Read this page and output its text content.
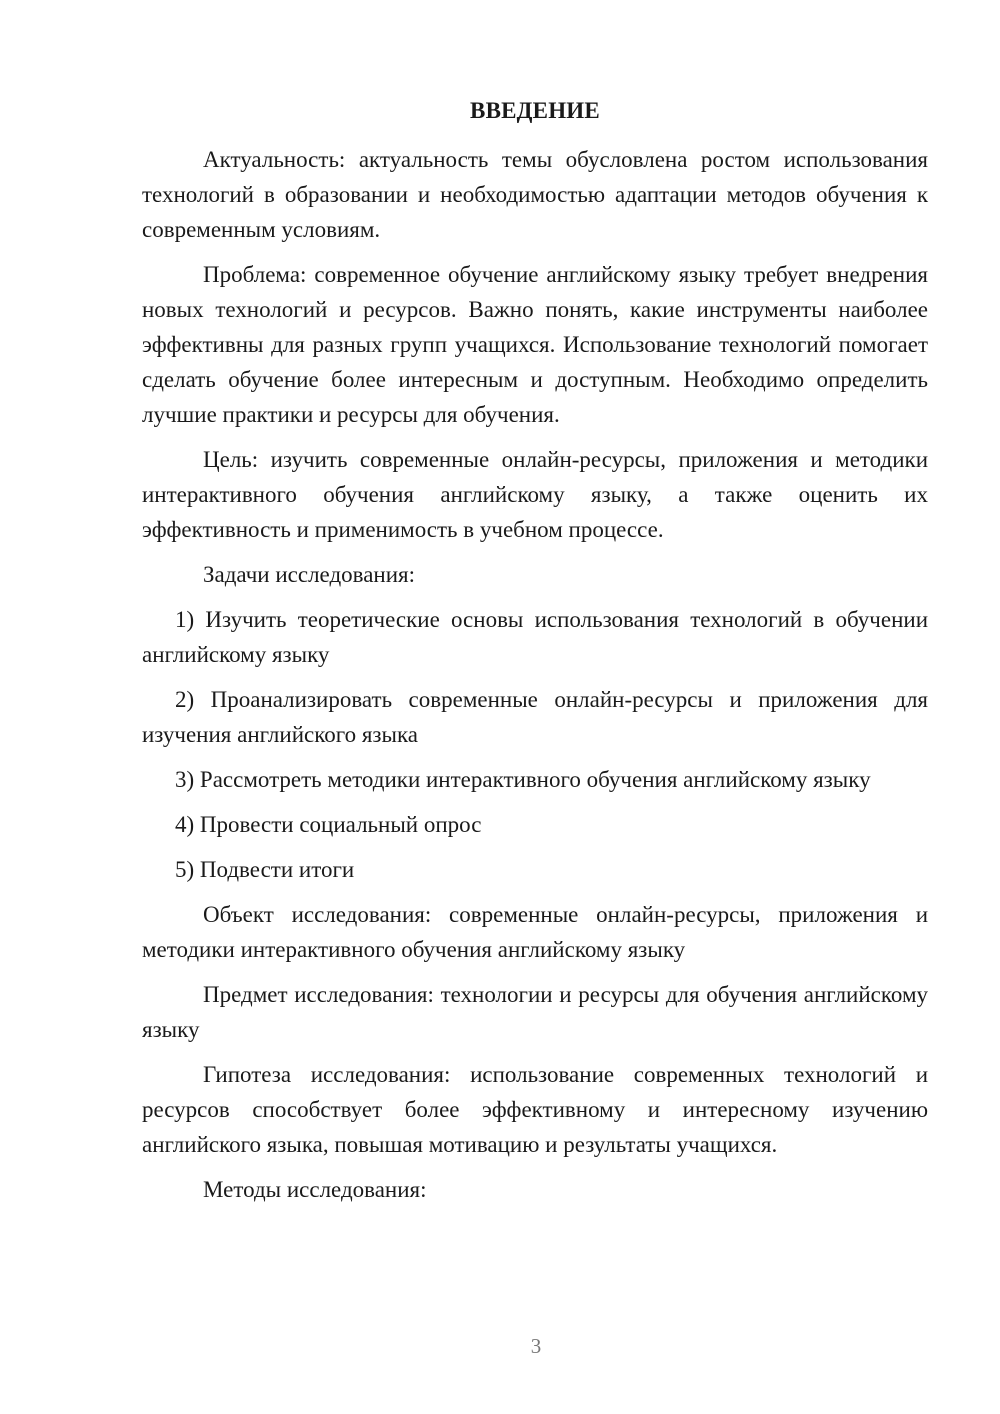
ВВЕДЕНИЕ

Актуальность: актуальность темы обусловлена ростом использования технологий в образовании и необходимостью адаптации методов обучения к современным условиям.

Проблема: современное обучение английскому языку требует внедрения новых технологий и ресурсов. Важно понять, какие инструменты наиболее эффективны для разных групп учащихся. Использование технологий помогает сделать обучение более интересным и доступным. Необходимо определить лучшие практики и ресурсы для обучения.

Цель: изучить современные онлайн-ресурсы, приложения и методики интерактивного обучения английскому языку, а также оценить их эффективность и применимость в учебном процессе.

Задачи исследования:

1) Изучить теоретические основы использования технологий в обучении английскому языку

2) Проанализировать современные онлайн-ресурсы и приложения для изучения английского языка

3) Рассмотреть методики интерактивного обучения английскому языку

4) Провести социальный опрос

5) Подвести итоги

Объект исследования: современные онлайн-ресурсы, приложения и методики интерактивного обучения английскому языку

Предмет исследования: технологии и ресурсы для обучения английскому языку

Гипотеза исследования: использование современных технологий и ресурсов способствует более эффективному и интересному изучению английского языка, повышая мотивацию и результаты учащихся.

Методы исследования:

3
